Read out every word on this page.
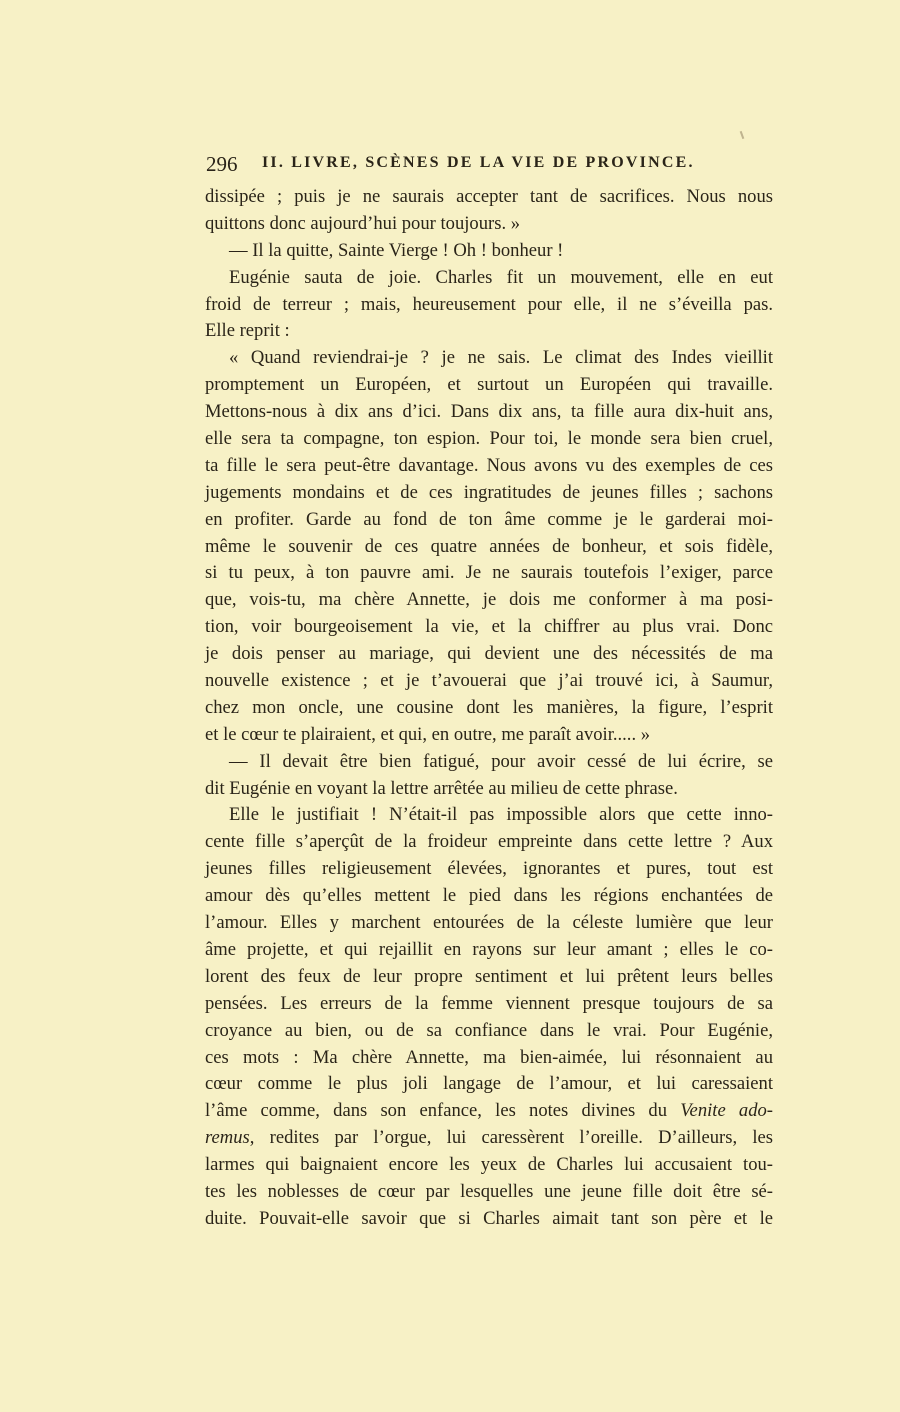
296 II. LIVRE, SCÈNES DE LA VIE DE PROVINCE.
dissipée ; puis je ne saurais accepter tant de sacrifices. Nous nous
quittons donc aujourd’hui pour toujours. »
— Il la quitte, Sainte Vierge ! Oh ! bonheur !
Eugénie sauta de joie. Charles fit un mouvement, elle en eut
froid de terreur ; mais, heureusement pour elle, il ne s’éveilla pas.
Elle reprit :
« Quand reviendrai-je ? je ne sais. Le climat des Indes vieillit
promptement un Européen, et surtout un Européen qui travaille.
Mettons-nous à dix ans d’ici. Dans dix ans, ta fille aura dix-huit ans,
elle sera ta compagne, ton espion. Pour toi, le monde sera bien cruel,
ta fille le sera peut-être davantage. Nous avons vu des exemples de ces
jugements mondains et de ces ingratitudes de jeunes filles ; sachons
en profiter. Garde au fond de ton âme comme je le garderai moi-
même le souvenir de ces quatre années de bonheur, et sois fidèle,
si tu peux, à ton pauvre ami. Je ne saurais toutefois l’exiger, parce
que, vois-tu, ma chère Annette, je dois me conformer à ma posi-
tion, voir bourgeoisement la vie, et la chiffrer au plus vrai. Donc
je dois penser au mariage, qui devient une des nécessités de ma
nouvelle existence ; et je t’avouerai que j’ai trouvé ici, à Saumur,
chez mon oncle, une cousine dont les manières, la figure, l’esprit
et le cœur te plairaient, et qui, en outre, me paraît avoir..... »
— Il devait être bien fatigué, pour avoir cessé de lui écrire, se
dit Eugénie en voyant la lettre arrêtée au milieu de cette phrase.
Elle le justifiait ! N’était-il pas impossible alors que cette inno-
cente fille s’aperçût de la froideur empreinte dans cette lettre ? Aux
jeunes filles religieusement élevées, ignorantes et pures, tout est
amour dès qu’elles mettent le pied dans les régions enchantées de
l’amour. Elles y marchent entourées de la céleste lumière que leur
âme projette, et qui rejaillit en rayons sur leur amant ; elles le co-
lorent des feux de leur propre sentiment et lui prêtent leurs belles
pensées. Les erreurs de la femme viennent presque toujours de sa
croyance au bien, ou de sa confiance dans le vrai. Pour Eugénie,
ces mots : Ma chère Annette, ma bien-aimée, lui résonnaient au
cœur comme le plus joli langage de l’amour, et lui caressaient
l’âme comme, dans son enfance, les notes divines du Venite ado-
remus, redites par l’orgue, lui caressèrent l’oreille. D’ailleurs, les
larmes qui baignaient encore les yeux de Charles lui accusaient tou-
tes les noblesses de cœur par lesquelles une jeune fille doit être sé-
duite. Pouvait-elle savoir que si Charles aimait tant son père et le
